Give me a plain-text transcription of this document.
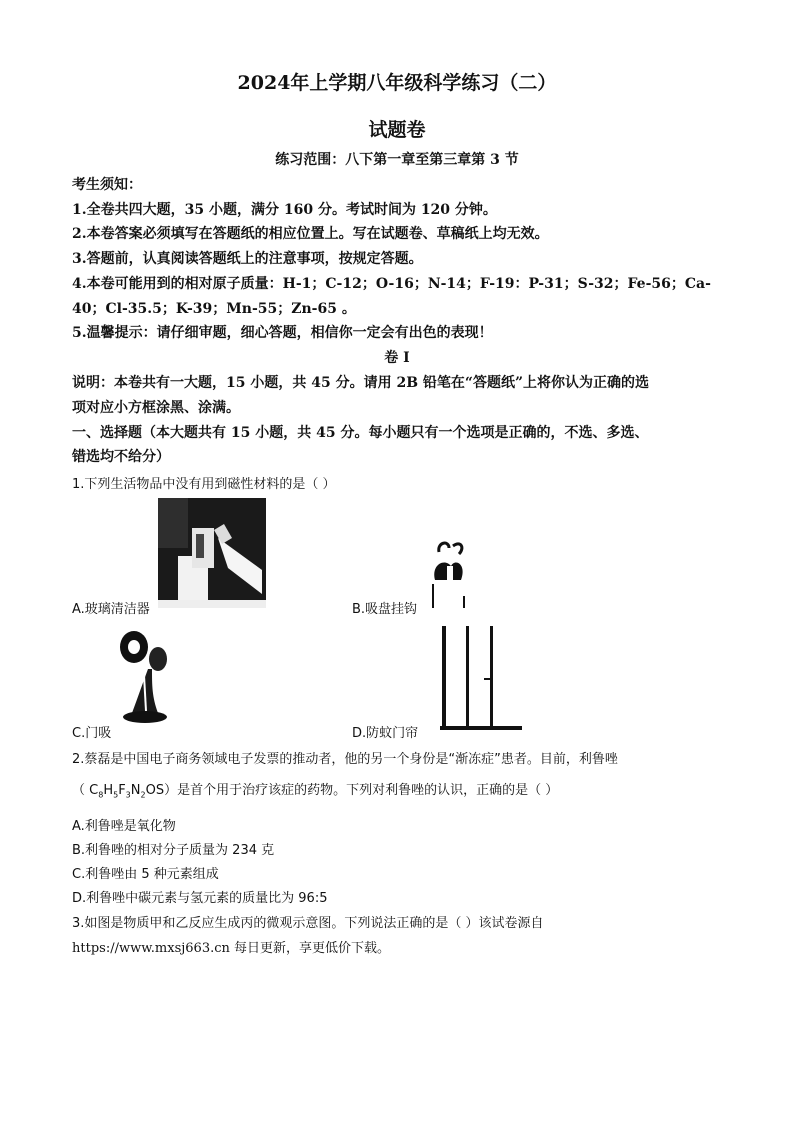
2024年上学期八年级科学练习（二）
试题卷
练习范围：八下第一章至第三章第 3 节
考生须知：
1.全卷共四大题，35 小题，满分 160 分。考试时间为 120 分钟。
2.本卷答案必须填写在答题纸的相应位置上。写在试题卷、草稿纸上均无效。
3.答题前，认真阅读答题纸上的注意事项，按规定答题。
4.本卷可能用到的相对原子质量：H-1；C-12；O-16；N-14；F-19：P-31；S-32；Fe-56；Ca-
40；Cl-35.5；K-39；Mn-55；Zn-65 。
5.温馨提示：请仔细审题，细心答题，相信你一定会有出色的表现！
卷 I
说明：本卷共有一大题，15 小题，共 45 分。请用 2B 铅笔在“答题纸”上将你认为正确的选
项对应小方框涂黑、涂满。
一、选择题（本大题共有 15 小题，共 45 分。每小题只有一个选项是正确的，不选、多选、
错选均不给分）
1.下列生活物品中没有用到磁性材料的是（ ）
A.玻璃清洁器	B.吸盘挂钩
C.门吸	D.防蚊门帘
2.蔡磊是中国电子商务领域电子发票的推动者，他的另一个身份是“渐冻症”患者。目前，利鲁唑
（ $C_8H_5F_3N_2OS$）是首个用于治疗该症的药物。下列对利鲁唑的认识，正确的是（ ）
A.利鲁唑是氧化物
B.利鲁唑的相对分子质量为 234 克
C.利鲁唑由 5 种元素组成
D.利鲁唑中碳元素与氢元素的质量比为 96:5
3.如图是物质甲和乙反应生成丙的微观示意图。下列说法正确的是（ ）该试卷源自
https://www.mxsj663.cn 每日更新，享更低价下载。
